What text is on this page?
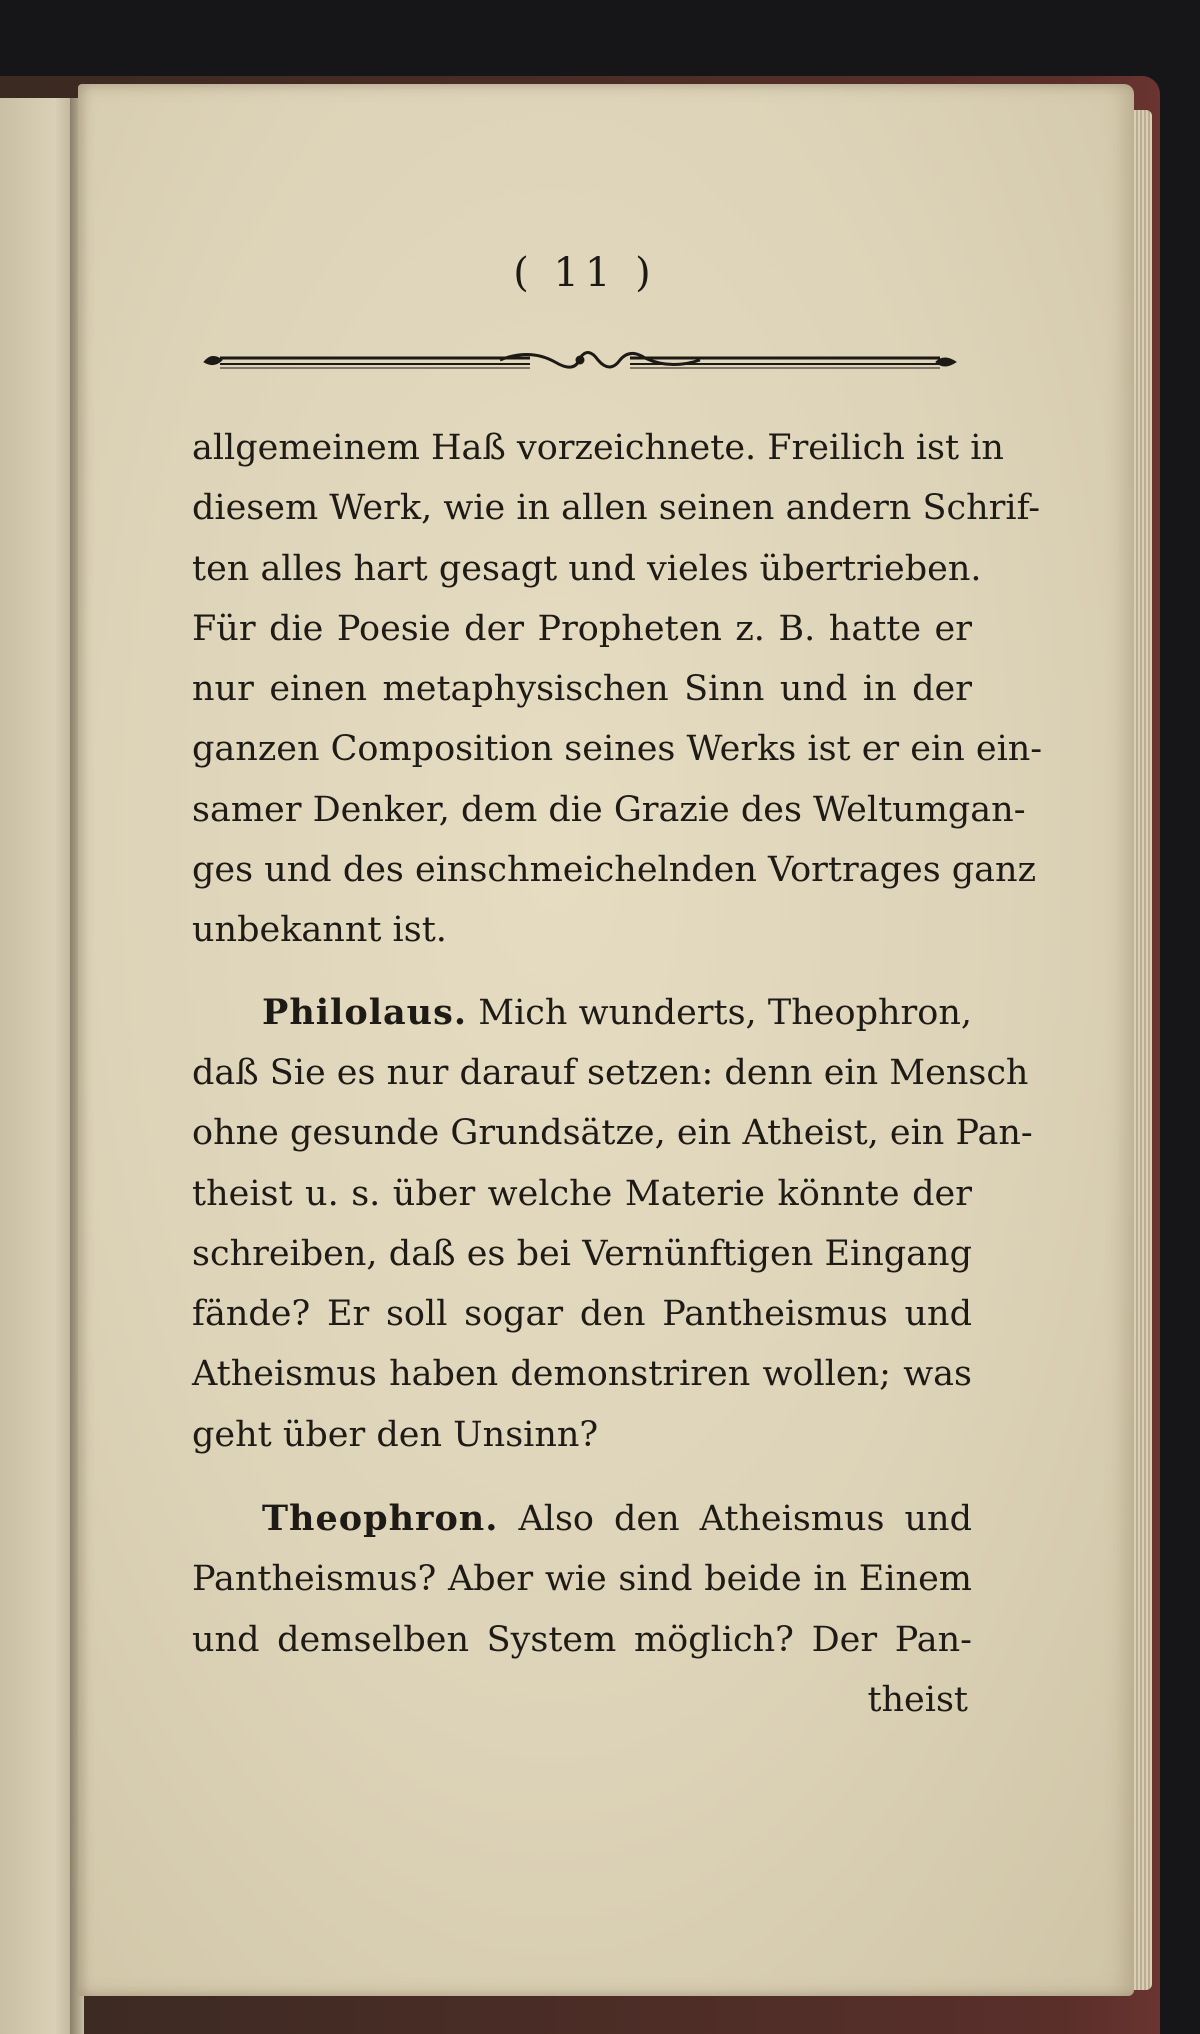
( 11 )

allgemeinem Haß vorzeichnete. Freilich ist in
diesem Werk, wie in allen seinen andern Schrif-
ten alles hart gesagt und vieles übertrieben.
Für die Poesie der Propheten z. B. hatte er
nur einen metaphysischen Sinn und in der
ganzen Composition seines Werks ist er ein ein-
samer Denker, dem die Grazie des Weltumgan-
ges und des einschmeichelnden Vortrages ganz
unbekannt ist.

Philolaus. Mich wunderts, Theophron,
daß Sie es nur darauf setzen: denn ein Mensch
ohne gesunde Grundsätze, ein Atheist, ein Pan-
theist u. s. über welche Materie könnte der
schreiben, daß es bei Vernünftigen Eingang
fände? Er soll sogar den Pantheismus und
Atheismus haben demonstriren wollen; was
geht über den Unsinn?

Theophron. Also den Atheismus und
Pantheismus? Aber wie sind beide in Einem
und demselben System möglich? Der Pan-

theist
